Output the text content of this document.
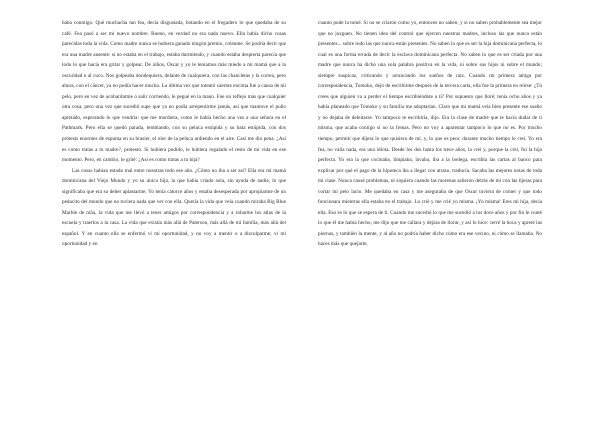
baba conmigo. Qué muchacha tan fea, decía disgustada, botando en el fregadero lo que quedaba de su café. Fea pasó a ser mi nuevo nombre. Bueno, en verdad no era nada nuevo. Ella había dicho cosas parecidas toda la vida. Como madre nunca se hubiera ganado ningún premio, créanme. Se podría decir que era una madre ausente: si no estaba en el trabajo, estaba durmiendo, y cuando estaba despierta parecía que todo lo que hacía era gritar y golpear. De niños, Oscar y yo le teníamos más miedo a mi mamá que a la oscuridad o al cuco. Nos golpeaba dondequiera, delante de cualquiera, con las chancletas y la correa, pero ahora, con el cáncer, ya no podía hacer mucho. La última vez que intentó caerme encima fue a causa de mi pelo, pero en vez de acobardarme o salir corriendo, le pegué en la mano. Fue un reflejo más que cualquier otra cosa, pero una vez que sucedió supe que ya no podía arrepentirme jamás, así que mantuve el puño apretado, esperando lo que vendría: que me mordiera, como le había hecho una vez a una señora en el Pathmark. Pero ella se quedó parada, temblando, con su peluca estúpida y su bata estúpida, con dos prótesis enormes de espuma en su brasier, el olor de la peluca ardiendo en el aire. Casi me dio pena. ¿Así es como tratas a tu madre?, protestó. Si hubiera podido, le hubiera regalado el resto de mi vida en ese momento. Pero, en cambio, le grité: ¿Así es como tratas a tu hija?

Las cosas habían estado mal entre nosotras todo ese año. ¿Cómo no iba a ser así? Ella era mi mamá dominicana del Viejo Mundo y yo su única hija, la que había criado sola, sin ayuda de nadie, lo que significaba que era su deber aplastarme. Yo tenía catorce años y estaba desesperada por apropiarme de un pedacito del mundo que no tuviera nada que ver con ella. Quería la vida que veía cuando miraba Big Blue Marble de niña, la vida que me llevó a tener amigos por correspondencia y a robarme los atlas de la escuela y traerlos a la casa. La vida que existía más allá de Paterson, más allá de mi familia, más allá del español. Y en cuanto ella se enfermó vi mi oportunidad, y no voy a mentir o a disculparme; vi mi oportunidad y en

cuanto pude la tomé. Si no se criaron como yo, entonces no saben, y si no saben probablemente sea mejor que no juzguen. No tienen idea del control que ejercen nuestras madres, incluso las que nunca están presentes... sobre todo las que nunca están presentes. No saben lo que es ser la hija dominicana perfecta, lo cual es una forma errada de decir la esclava dominicana perfecta. No saben lo que es ser criada por una madre que nunca ha dicho una sola palabra positiva en la vida, ni sobre sus hijos ni sobre el mundo; siempre suspicaz, criticando y arrancando los sueños de raíz. Cuando mi primera amiga por correspondencia, Tomoko, dejó de escribirme después de la tercera carta, ella fue la primera en reírse: ¿Tú crees que alguien va a perder el tiempo escribiéndote a ti? Por supuesto que lloré; tenía ocho años y ya había planeado que Tomoko y su familia me adoptarían. Claro que mi mamá veía bien presente ese sueño y no dejaba de deleitarse. Yo tampoco te escribiría, dijo. Era la clase de madre que te hacía dudar de ti misma, que acaba contigo si no la frenas. Pero no voy a aparentar tampoco lo que no es. Por mucho tiempo, permití que dijera lo que quisiera de mí, y, lo que es peor, durante mucho tiempo le creí. Yo era fea, no valía nada, era una idiota. Desde los dos hasta los trece años, la creí y, porque la creí, fui la hija perfecta. Yo era la que cocinaba, limpiaba, lavaba, iba a la bodega, escribía las cartas al banco para explicar por qué el pago de la hipoteca iba a llegar con atraso, traducía. Sacaba las mejores notas de toda mi clase. Nunca causé problemas, ni siquiera cuando las morenas salieron detrás de mí con las tijeras para cortar mi pelo lacio. Me quedaba en casa y me aseguraba de que Oscar tuviera de comer y que todo funcionara mientras ella estaba en el trabajo. Lo crié y me crié yo misma. ¡Yo misma! Eres mi hija, decía ella. Eso es lo que se espera de ti. Cuando me sucedió lo que me sucedió a los doce años y por fin le conté lo que él me había hecho, me dijo que me callara y dejara de llorar, y así lo hice: cerré la boca y apreté las piernas, y también la mente, y al año no podría haber dicho cómo era ese vecino, ni cómo se llamaba. No haces más que quejarte,
